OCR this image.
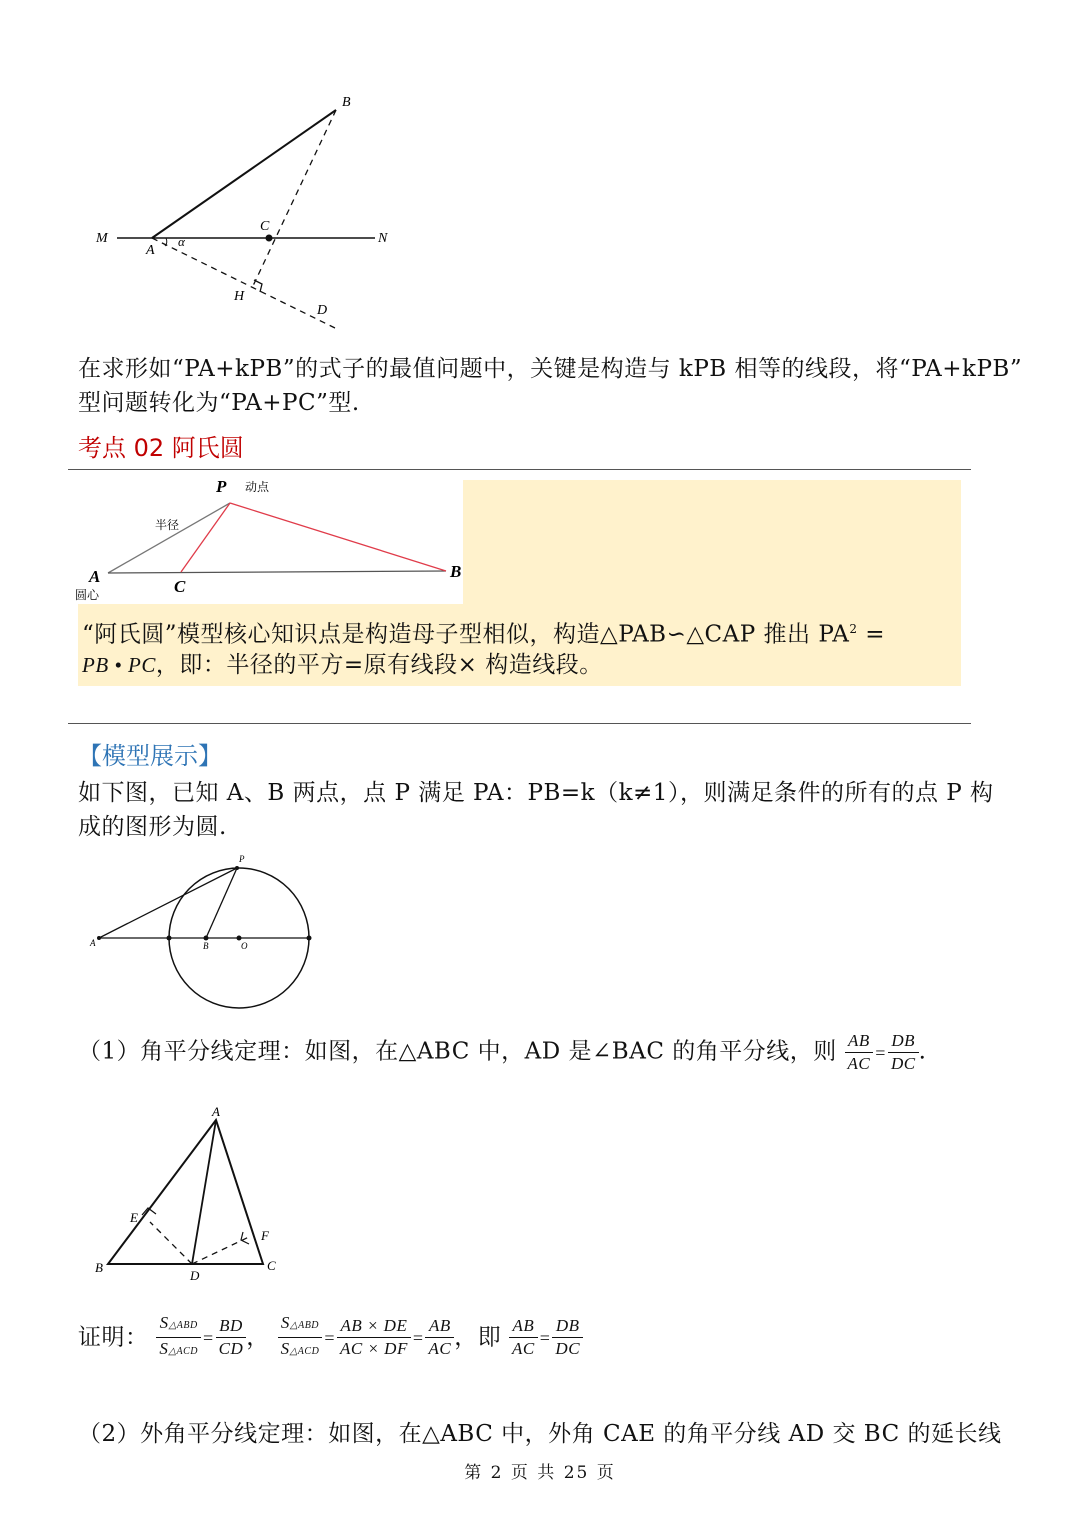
B
M
A
α
C
N
H
D
在求形如“PA+kPB”的式子的最值问题中，关键是构造与 kPB 相等的线段，将“PA+kPB”
型问题转化为“PA+PC”型.
考点 02 阿氏圆
P 动点
半径
A
圆心	C
B
“阿氏圆”模型核心知识点是构造母子型相似，构造△PAB∽△CAP 推出 $PA^2$ =
PB • PC，即：半径的平方=原有线段× 构造线段。
【模型展示】
如下图，已知 A、B 两点，点 P 满足 PA：PB=k（k≠1），则满足条件的所有的点 P 构
成的图形为圆.
P
A	B	O
（1）角平分线定理：如图，在△ABC 中，AD 是∠BAC 的角平分线，则 $\frac{AB}{AC} = \frac{DB}{DC}$ .
A
E
F
B
D
C
证明： $\frac{\text{S△ABD}}{\text{S△ACD}} = \frac{BD}{CD}$ ， $\frac{\text{S△ABD}}{\text{S△ACD}} = \frac{AB \times DE}{AC \times DF} = \frac{AB}{AC}$ ，即 $\frac{AB}{AC} = \frac{DB}{DC}$
（2）外角平分线定理：如图，在△ABC 中，外角 CAE 的角平分线 AD 交 BC 的延长线
第 2 页 共 25 页
